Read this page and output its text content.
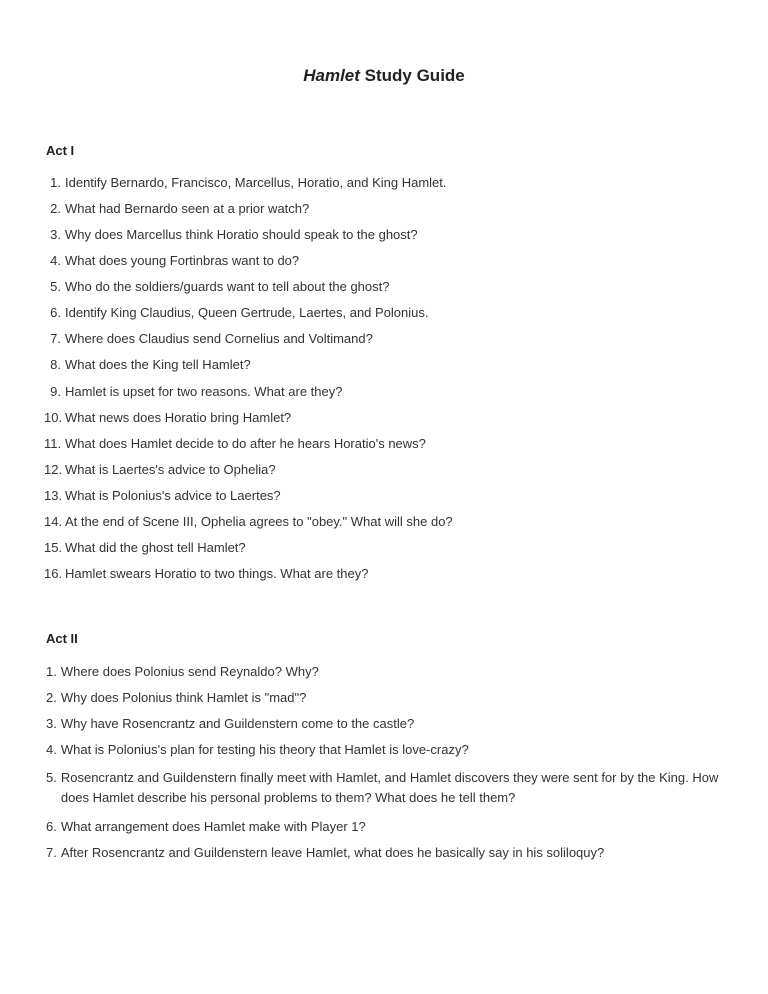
Hamlet Study Guide
Act I
1. Identify Bernardo, Francisco, Marcellus, Horatio, and King Hamlet.
2. What had Bernardo seen at a prior watch?
3. Why does Marcellus think Horatio should speak to the ghost?
4. What does young Fortinbras want to do?
5. Who do the soldiers/guards want to tell about the ghost?
6. Identify King Claudius, Queen Gertrude, Laertes, and Polonius.
7. Where does Claudius send Cornelius and Voltimand?
8. What does the King tell Hamlet?
9. Hamlet is upset for two reasons. What are they?
10. What news does Horatio bring Hamlet?
11. What does Hamlet decide to do after he hears Horatio's news?
12. What is Laertes's advice to Ophelia?
13. What is Polonius's advice to Laertes?
14. At the end of Scene III, Ophelia agrees to "obey." What will she do?
15. What did the ghost tell Hamlet?
16. Hamlet swears Horatio to two things. What are they?
Act II
1. Where does Polonius send Reynaldo? Why?
2. Why does Polonius think Hamlet is "mad"?
3. Why have Rosencrantz and Guildenstern come to the castle?
4. What is Polonius's plan for testing his theory that Hamlet is love-crazy?
5. Rosencrantz and Guildenstern finally meet with Hamlet, and Hamlet discovers they were sent for by the King. How does Hamlet describe his personal problems to them? What does he tell them?
6. What arrangement does Hamlet make with Player 1?
7. After Rosencrantz and Guildenstern leave Hamlet, what does he basically say in his soliloquy?
